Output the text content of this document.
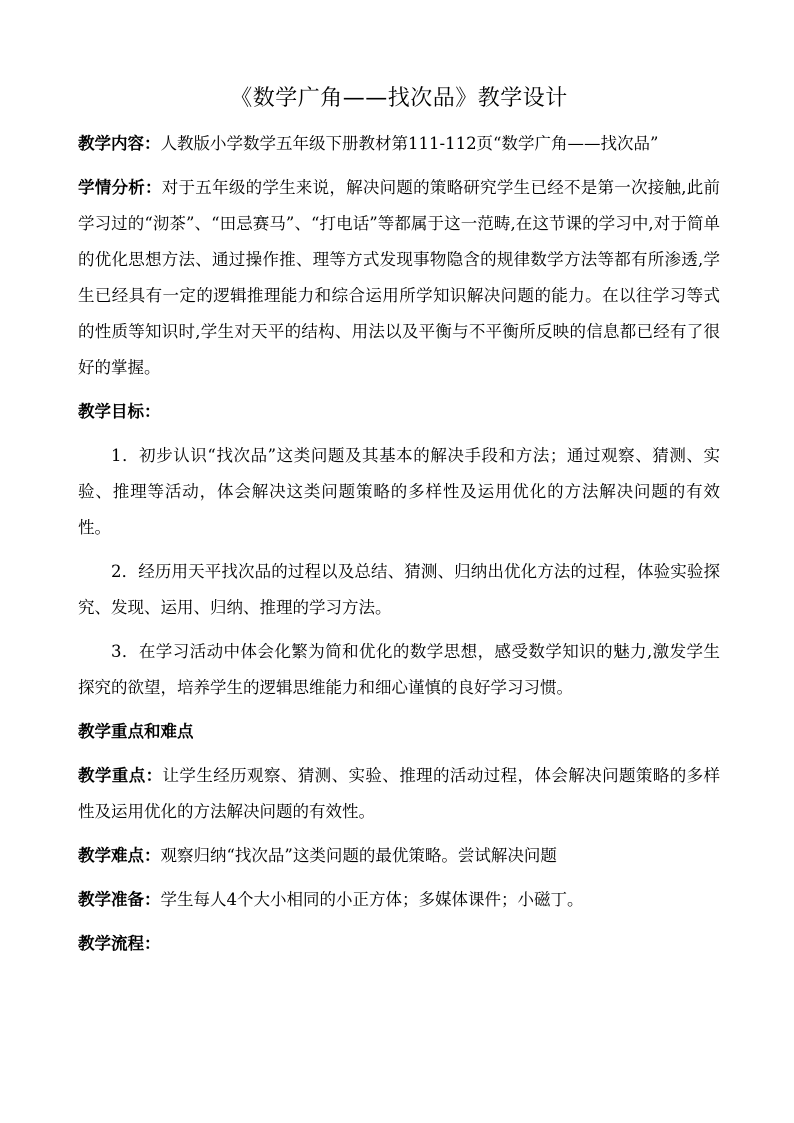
《数学广角——找次品》教学设计

教学内容：人教版小学数学五年级下册教材第111-112页“数学广角——找次品”

学情分析：对于五年级的学生来说，解决问题的策略研究学生已经不是第一次接触,此前学习过的“沏茶”、“田忌赛马”、“打电话”等都属于这一范畴,在这节课的学习中,对于简单的优化思想方法、通过操作推、理等方式发现事物隐含的规律数学方法等都有所渗透,学生已经具有一定的逻辑推理能力和综合运用所学知识解决问题的能力。在以往学习等式的性质等知识时,学生对天平的结构、用法以及平衡与不平衡所反映的信息都已经有了很好的掌握。

教学目标：

1．初步认识“找次品”这类问题及其基本的解决手段和方法；通过观察、猜测、实验、推理等活动，体会解决这类问题策略的多样性及运用优化的方法解决问题的有效性。

2．经历用天平找次品的过程以及总结、猜测、归纳出优化方法的过程，体验实验探究、发现、运用、归纳、推理的学习方法。

3．在学习活动中体会化繁为简和优化的数学思想，感受数学知识的魅力,激发学生探究的欲望，培养学生的逻辑思维能力和细心谨慎的良好学习习惯。

教学重点和难点

教学重点：让学生经历观察、猜测、实验、推理的活动过程，体会解决问题策略的多样性及运用优化的方法解决问题的有效性。

教学难点：观察归纳“找次品”这类问题的最优策略。尝试解决问题

教学准备：学生每人4个大小相同的小正方体；多媒体课件；小磁丁。

教学流程：
